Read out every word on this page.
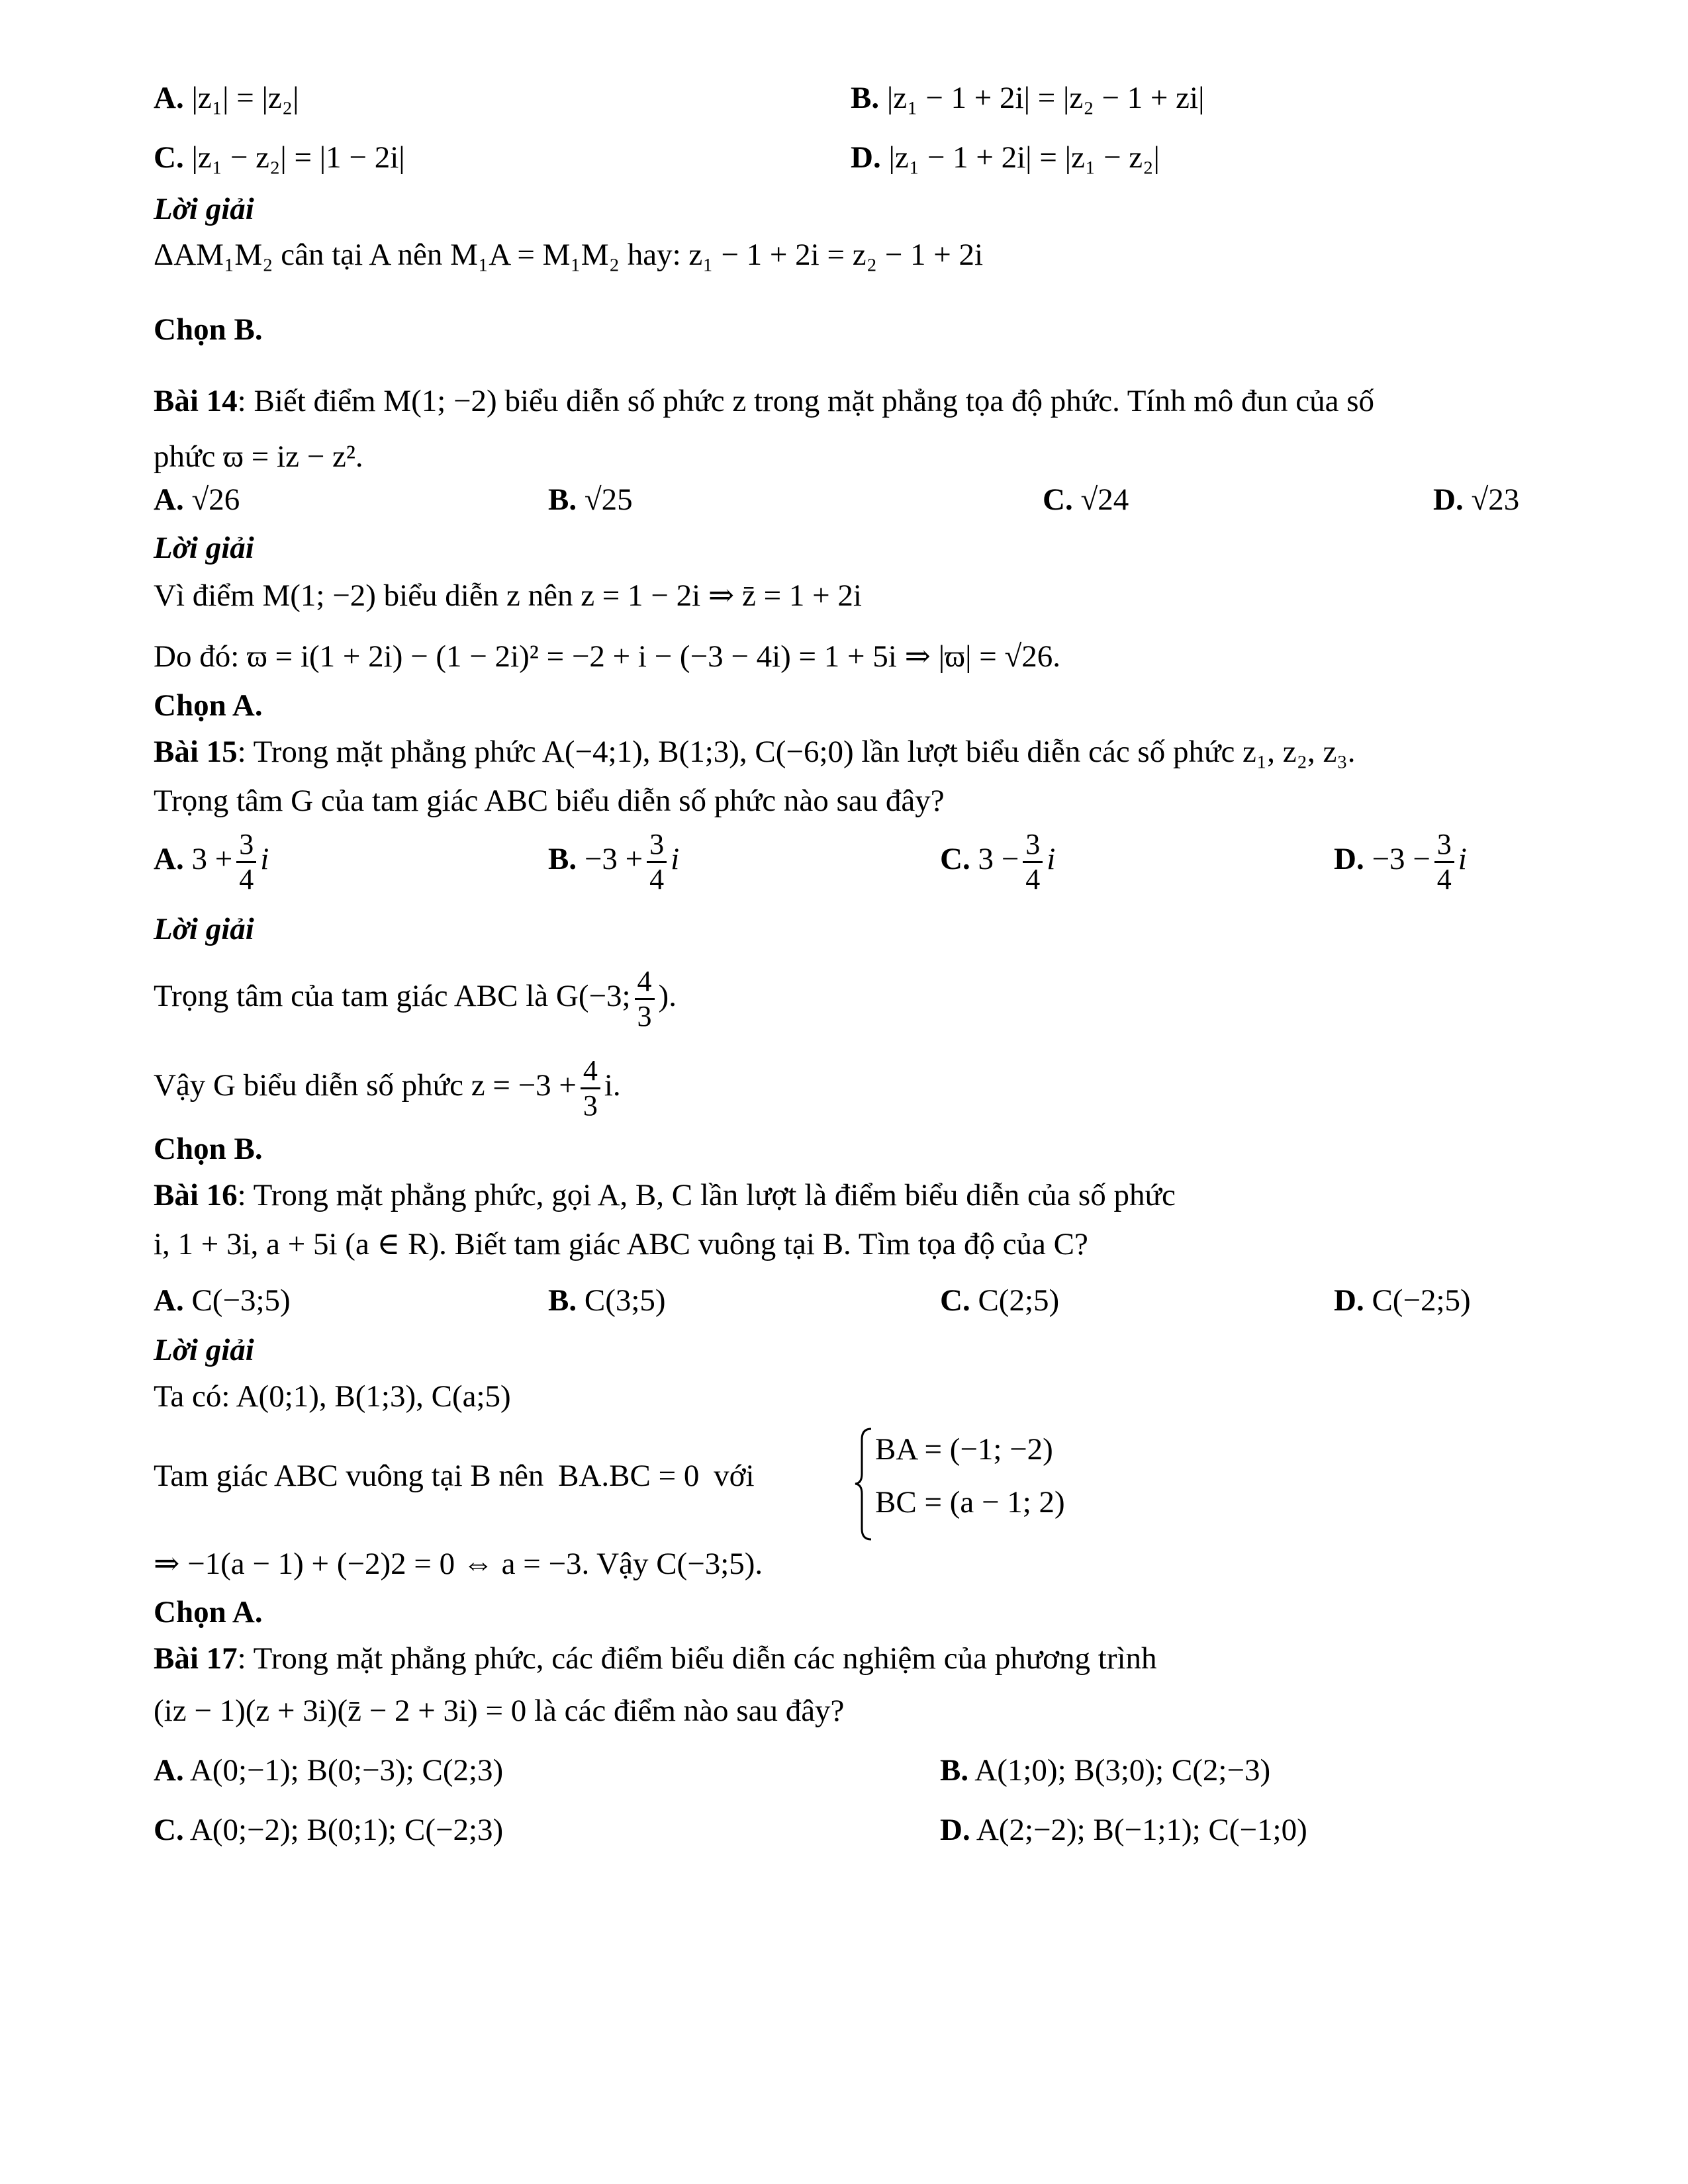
A. |z₁| = |z₂|	B. |z₁ − 1 + 2i| = |z₂ − 1 + zi|
C. |z₁ − z₂| = |1 − 2i|	D. |z₁ − 1 + 2i| = |z₁ − z₂|
Lời giải
ΔAM₁M₂ cân tại A nên M₁A = M₁M₂ hay: z₁ − 1 + 2i = z₂ − 1 + 2i
Chọn B.
Bài 14: Biết điểm M(1; −2) biểu diễn số phức z trong mặt phẳng tọa độ phức. Tính mô đun của số
phức ϖ = iz − z².
A. √26	B. √25	C. √24	D. √23
Lời giải
Vì điểm M(1; −2) biểu diễn z nên z = 1 − 2i ⇒ z̄ = 1 + 2i
Do đó: ϖ = i(1 + 2i) − (1 − 2i)² = −2 + i − (−3 − 4i) = 1 + 5i ⇒ |ϖ| = √26.
Chọn A.
Bài 15: Trong mặt phẳng phức A(−4;1), B(1;3), C(−6;0) lần lượt biểu diễn các số phức z₁, z₂, z₃.
Trọng tâm G của tam giác ABC biểu diễn số phức nào sau đây?
A. $3 + \frac{3}{4}$ i	B. $-3 + \frac{3}{4}$ i	C. $3 - \frac{3}{4}$ i	D. $-3 - \frac{3}{4}$ i
Lời giải
Trọng tâm của tam giác ABC là G(−3; $\frac{4}{3}$ ).
Vậy G biểu diễn số phức $z = -3 + \frac{4}{3} i$.
Chọn B.
Bài 16: Trong mặt phẳng phức, gọi A, B, C lần lượt là điểm biểu diễn của số phức
i, 1 + 3i, a + 5i (a ∈ R). Biết tam giác ABC vuông tại B. Tìm tọa độ của C?
A. C(−3;5)	B. C(3;5)	C. C(2;5)	D. C(−2;5)
Lời giải
Ta có: A(0;1), B(1;3), C(a;5)
Tam giác ABC vuông tại B nên BA.BC = 0 với
BA = (−1; −2)
BC = (a − 1; 2)
⇒ −1(a − 1) + (−2)2 = 0 ⇔ a = −3. Vậy C(−3;5).
Chọn A.
Bài 17: Trong mặt phẳng phức, các điểm biểu diễn các nghiệm của phương trình
(iz − 1)(z + 3i)(z̄ − 2 + 3i) = 0 là các điểm nào sau đây?
A. A(0;−1); B(0;−3); C(2;3)	B. A(1;0); B(3;0); C(2;−3)
C. A(0;−2); B(0;1); C(−2;3)	D. A(2;−2); B(−1;1); C(−1;0)
